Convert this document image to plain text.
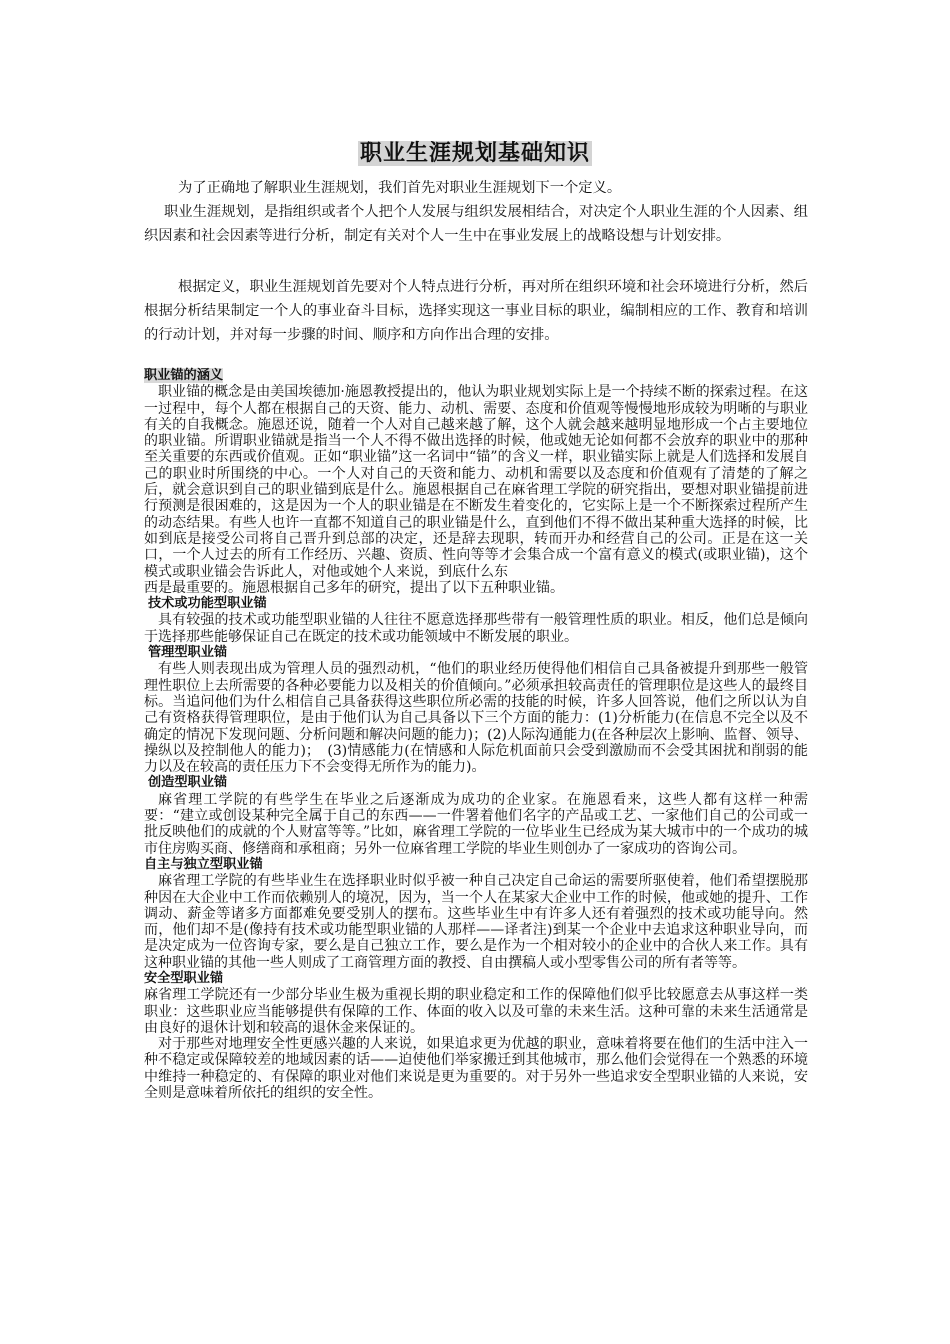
职业生涯规划基础知识

为了正确地了解职业生涯规划，我们首先对职业生涯规划下一个定义。

职业生涯规划，是指组织或者个人把个人发展与组织发展相结合，对决定个人职业生涯的个人因素、组织因素和社会因素等进行分析，制定有关对个人一生中在事业发展上的战略设想与计划安排。

根据定义，职业生涯规划首先要对个人特点进行分析，再对所在组织环境和社会环境进行分析，然后根据分析结果制定一个人的事业奋斗目标，选择实现这一事业目标的职业，编制相应的工作、教育和培训的行动计划，并对每一步骤的时间、顺序和方向作出合理的安排。

职业锚的涵义

职业锚的概念是由美国埃德加·施恩教授提出的，他认为职业规划实际上是一个持续不断的探索过程。在这一过程中，每个人都在根据自己的天资、能力、动机、需要、态度和价值观等慢慢地形成较为明晰的与职业有关的自我概念。施恩还说，随着一个人对自己越来越了解，这个人就会越来越明显地形成一个占主要地位的职业锚。所谓职业锚就是指当一个人不得不做出选择的时候，他或她无论如何都不会放弃的职业中的那种至关重要的东西或价值观。正如“职业锚”这一名词中“锚”的含义一样，职业锚实际上就是人们选择和发展自己的职业时所围绕的中心。一个人对自己的天资和能力、动机和需要以及态度和价值观有了清楚的了解之后，就会意识到自己的职业锚到底是什么。施恩根据自己在麻省理工学院的研究指出，要想对职业锚提前进行预测是很困难的，这是因为一个人的职业锚是在不断发生着变化的，它实际上是一个不断探索过程所产生的动态结果。有些人也许一直都不知道自己的职业锚是什么，直到他们不得不做出某种重大选择的时候，比如到底是接受公司将自己晋升到总部的决定，还是辞去现职，转而开办和经营自己的公司。正是在这一关口，一个人过去的所有工作经历、兴趣、资质、性向等等才会集合成一个富有意义的模式(或职业锚)，这个模式或职业锚会告诉此人，对他或她个人来说，到底什么东

西是最重要的。施恩根据自己多年的研究，提出了以下五种职业锚。

技术或功能型职业锚

具有较强的技术或功能型职业锚的人往往不愿意选择那些带有一般管理性质的职业。相反，他们总是倾向于选择那些能够保证自己在既定的技术或功能领域中不断发展的职业。

管理型职业锚

有些人则表现出成为管理人员的强烈动机，“他们的职业经历使得他们相信自己具备被提升到那些一般管理性职位上去所需要的各种必要能力以及相关的价值倾向。”必须承担较高责任的管理职位是这些人的最终目标。当追问他们为什么相信自己具备获得这些职位所必需的技能的时候，许多人回答说，他们之所以认为自己有资格获得管理职位，是由于他们认为自己具备以下三个方面的能力：(1)分析能力(在信息不完全以及不确定的情况下发现问题、分析问题和解决问题的能力)；(2)人际沟通能力(在各种层次上影响、监督、领导、操纵以及控制他人的能力)；　(3)情感能力(在情感和人际危机面前只会受到激励而不会受其困扰和削弱的能力以及在较高的责任压力下不会变得无所作为的能力)。

创造型职业锚

麻省理工学院的有些学生在毕业之后逐渐成为成功的企业家。在施恩看来，这些人都有这样一种需要：“建立或创设某种完全属于自己的东西——一件署着他们名字的产品或工艺、一家他们自己的公司或一批反映他们的成就的个人财富等等。”比如，麻省理工学院的一位毕业生已经成为某大城市中的一个成功的城市住房购买商、修缮商和承租商；另外一位麻省理工学院的毕业生则创办了一家成功的咨询公司。

自主与独立型职业锚

麻省理工学院的有些毕业生在选择职业时似乎被一种自己决定自己命运的需要所驱使着，他们希望摆脱那种因在大企业中工作而依赖别人的境况，因为，当一个人在某家大企业中工作的时候，他或她的提升、工作调动、薪金等诸多方面都难免要受别人的摆布。这些毕业生中有许多人还有着强烈的技术或功能导向。然而，他们却不是(像持有技术或功能型职业锚的人那样——译者注)到某一个企业中去追求这种职业导向，而是决定成为一位咨询专家，要么是自己独立工作，要么是作为一个相对较小的企业中的合伙人来工作。具有这种职业锚的其他一些人则成了工商管理方面的教授、自由撰稿人或小型零售公司的所有者等等。

安全型职业锚

麻省理工学院还有一少部分毕业生极为重视长期的职业稳定和工作的保障他们似乎比较愿意去从事这样一类职业：这些职业应当能够提供有保障的工作、体面的收入以及可靠的未来生活。这种可靠的未来生活通常是由良好的退休计划和较高的退休金来保证的。

对于那些对地理安全性更感兴趣的人来说，如果追求更为优越的职业，意味着将要在他们的生活中注入一种不稳定或保障较差的地域因素的话——迫使他们举家搬迁到其他城市，那么他们会觉得在一个熟悉的环境中维持一种稳定的、有保障的职业对他们来说是更为重要的。对于另外一些追求安全型职业锚的人来说，安全则是意味着所依托的组织的安全性。
